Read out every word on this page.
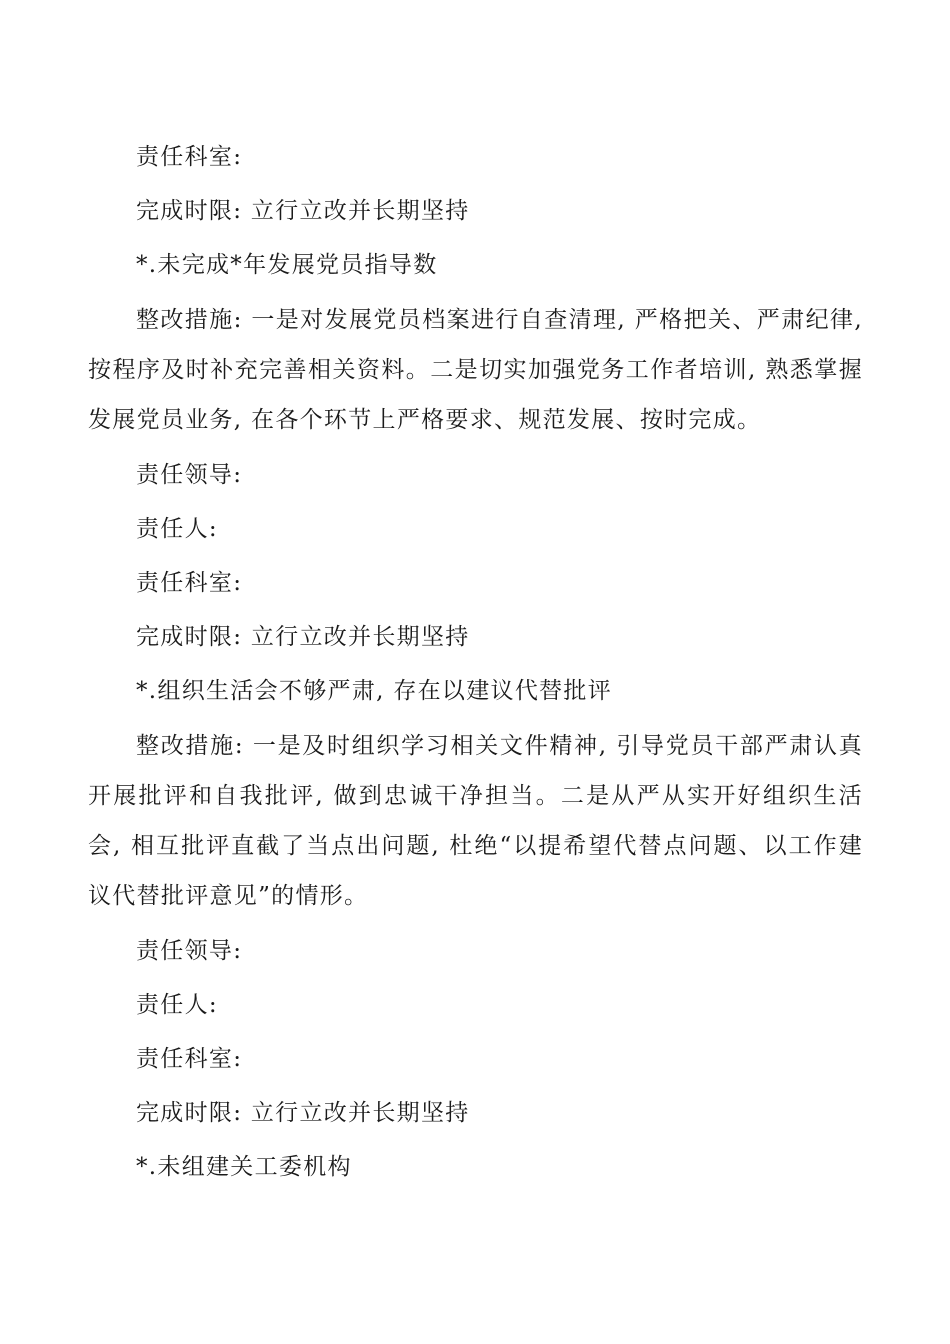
责任科室:
完成时限: 立行立改并长期坚持
*.未完成*年发展党员指导数
整改措施: 一是对发展党员档案进行自查清理, 严格把关、严肃纪律, 按程序及时补充完善相关资料。二是切实加强党务工作者培训, 熟悉掌握发展党员业务, 在各个环节上严格要求、规范发展、按时完成。
责任领导:
责任人:
责任科室:
完成时限: 立行立改并长期坚持
*.组织生活会不够严肃, 存在以建议代替批评
整改措施: 一是及时组织学习相关文件精神, 引导党员干部严肃认真开展批评和自我批评, 做到忠诚干净担当。二是从严从实开好组织生活会, 相互批评直截了当点出问题, 杜绝“以提希望代替点问题、以工作建议代替批评意见”的情形。
责任领导:
责任人:
责任科室:
完成时限: 立行立改并长期坚持
*.未组建关工委机构
